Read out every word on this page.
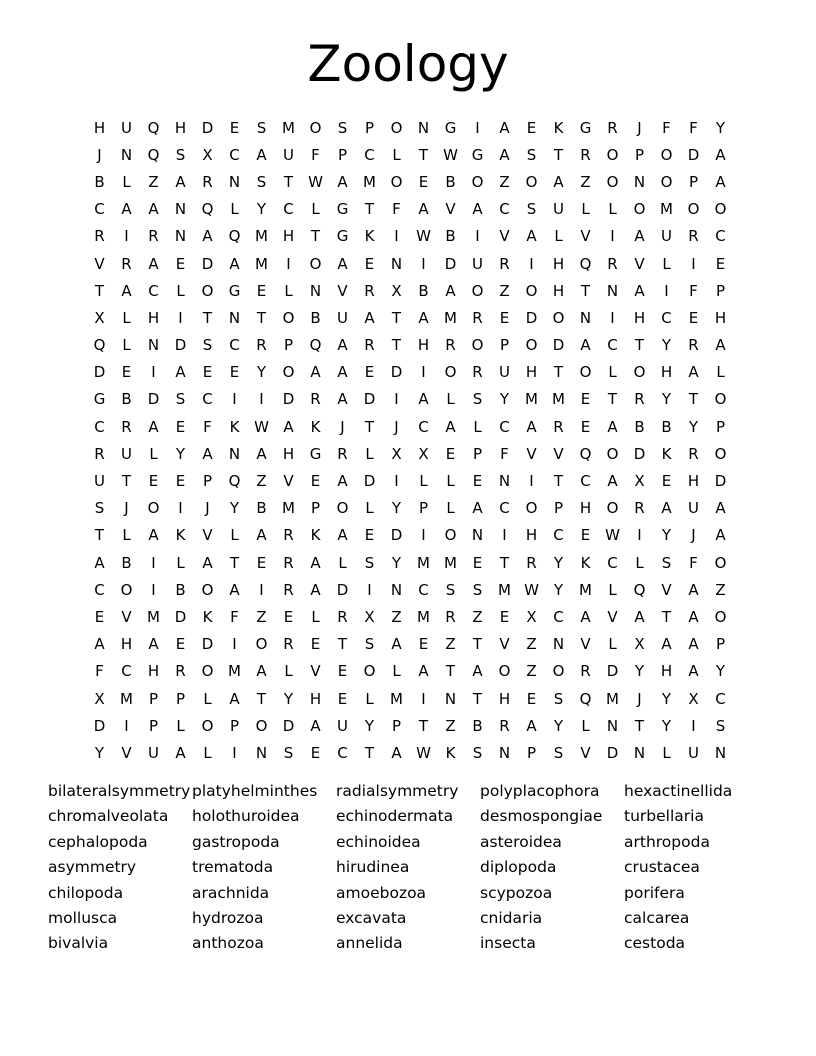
Zoology
H	U	Q	H	D	E	S	M O	S	P	O	N	G	I	A	E	K	G	R	J	F	F	Y
J	N	Q	S	X	C	A	U	F	P	C	L	T	W G	A	S	T	R	O	P	O	D	A
B	L	Z	A	R	N	S	T	W A	M O	E	B	O	Z	O	A	Z	O	N	O	P	A
C	A	A	N	Q	L	Y	C	L	G	T	F	A	V	A	C	S	U	L	L	O M O	O
R	I	R	N	A	Q M H	T	G	K	I	W B	I	V	A	L	V	I	A	U	R	C
V	R	A	E	D	A	M	I	O	A	E	N	I	D	U	R	I	H	Q	R	V	L	I	E
T	A	C	L	O	G	E	L	N	V	R	X	B	A	O	Z	O	H	T	N	A	I	F	P
X	L	H	I	T	N	T	O	B	U	A	T	A	M	R	E	D	O	N	I	H	C	E	H
Q	L	N	D	S	C	R	P	Q	A	R	T	H	R	O	P	O	D	A	C	T	Y	R	A
D	E	I	A	E	E	Y	O	A	A	E	D	I	O	R	U	H	T	O	L	O	H	A	L
G	B	D	S	C	I	I	D	R	A	D	I	A	L	S	Y	M M	E	T	R	Y	T	O
C	R	A	E	F	K W A	K	J	T	J	C	A	L	C	A	R	E	A	B	B	Y	P
R	U	L	Y	A	N	A	H	G	R	L	X	X	E	P	F	V	V	Q	O	D	K	R	O
U	T	E	E	P	Q	Z	V	E	A	D	I	L	L	E	N	I	T	C	A	X	E	H	D
S	J	O	I	J	Y	B	M	P	O	L	Y	P	L	A	C	O	P	H	O	R	A	U	A
T	L	A	K	V	L	A	R	K	A	E	D	I	O	N	I	H	C	E W	I	Y	J	A
A	B	I	L	A	T	E	R	A	L	S	Y	M M	E	T	R	Y	K	C	L	S	F	O
C	O	I	B	O	A	I	R	A	D	I	N	C	S	S	M W Y	M	L	Q	V	A	Z
E	V	M D	K	F	Z	E	L	R	X	Z	M	R	Z	E	X	C	A	V	A	T	A	O
A	H	A	E	D	I	O	R	E	T	S	A	E	Z	T	V	Z	N	V	L	X	A	A	P
F	C	H	R	O M	A	L	V	E	O	L	A	T	A	O	Z	O	R	D	Y	H	A	Y
X	M	P	P	L	A	T	Y	H	E	L	M	I	N	T	H	E	S	Q M	J	Y	X	C
D	I	P	L	O	P	O	D	A	U	Y	P	T	Z	B	R	A	Y	L	N	T	Y	I	S
Y	V	U	A	L	I	N	S	E	C	T	A W K	S	N	P	S	V	D	N	L	U	N
bilateralsymmetry platyhelminthes	radialsymmetry	polyplacophora	hexactinellida
chromalveolata	holothuroidea	echinodermata	desmospongiae	turbellaria
cephalopoda	gastropoda	echinoidea	asteroidea	arthropoda
asymmetry	trematoda	hirudinea	diplopoda	crustacea
chilopoda	arachnida	amoebozoa	scypozoa	porifera
mollusca	hydrozoa	excavata	cnidaria	calcarea
bivalvia	anthozoa	annelida	insecta	cestoda
